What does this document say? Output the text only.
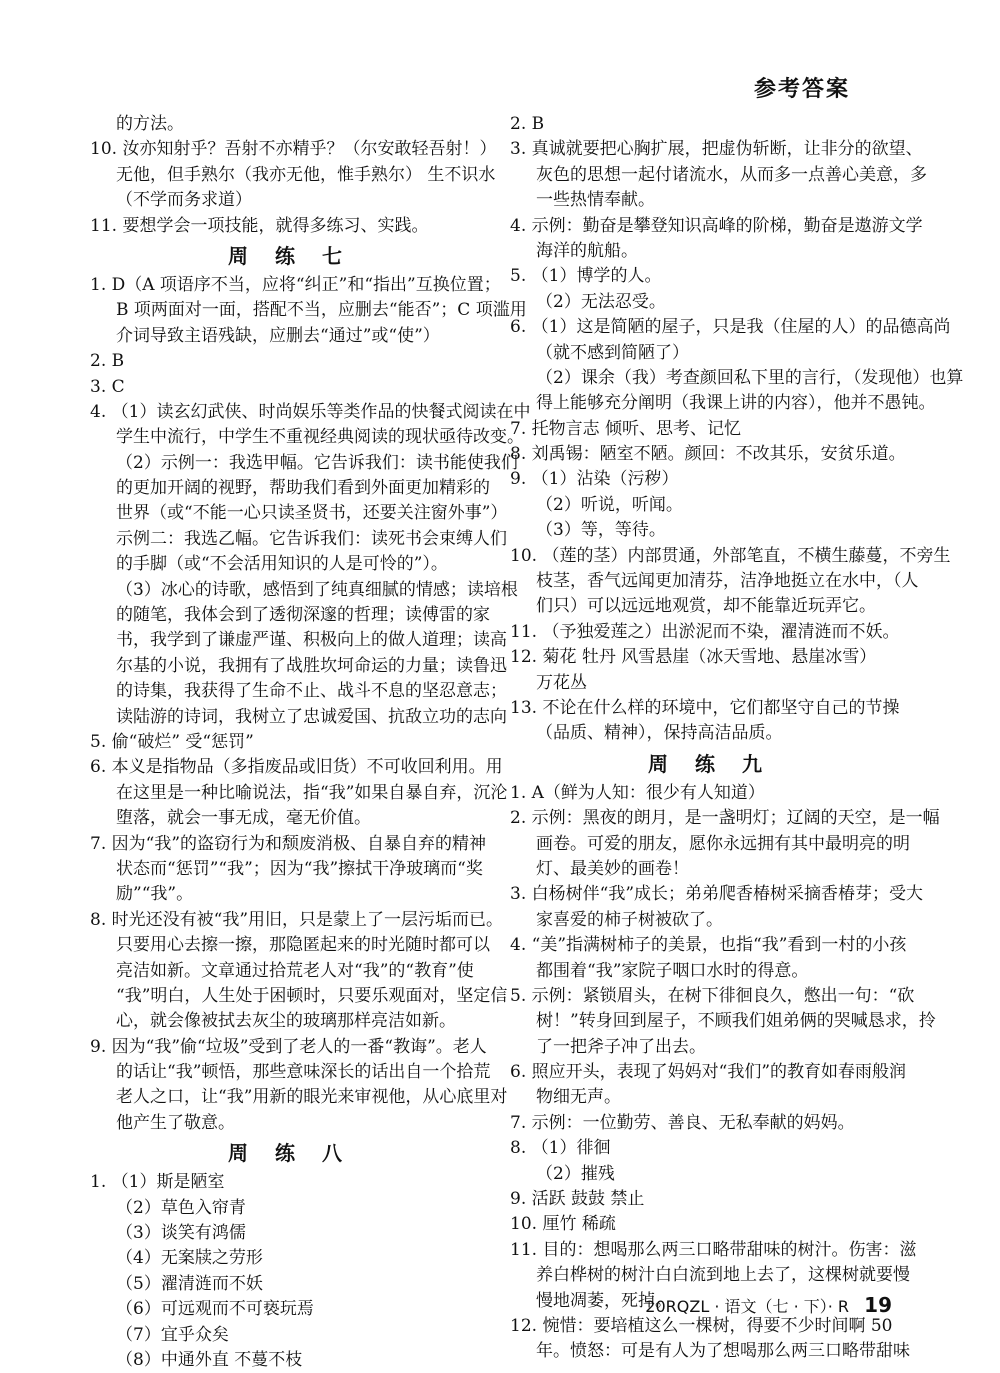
参考答案
的方法。
10. 汝亦知射乎？吾射不亦精乎？（尔安敢轻吾射！）
无他，但手熟尔（我亦无他，惟手熟尔） 生不识水
（不学而务求道）
11. 要想学会一项技能，就得多练习、实践。
周 练 七
1. D（A 项语序不当，应将“纠正”和“指出”互换位置；
B 项两面对一面，搭配不当，应删去“能否”；C 项滥用
介词导致主语残缺，应删去“通过”或“使”）
2. B
3. C
4. （1）读玄幻武侠、时尚娱乐等类作品的快餐式阅读在中
学生中流行，中学生不重视经典阅读的现状亟待改变。
（2）示例一：我选甲幅。它告诉我们：读书能使我们
的更加开阔的视野，帮助我们看到外面更加精彩的
世界（或“不能一心只读圣贤书，还要关注窗外事”）
示例二：我选乙幅。它告诉我们：读死书会束缚人们
的手脚（或“不会活用知识的人是可怜的”）。
（3）冰心的诗歌，感悟到了纯真细腻的情感；读培根
的随笔，我体会到了透彻深邃的哲理；读傅雷的家
书，我学到了谦虚严谨、积极向上的做人道理；读高
尔基的小说，我拥有了战胜坎坷命运的力量；读鲁迅
的诗集，我获得了生命不止、战斗不息的坚忍意志；
读陆游的诗词，我树立了忠诚爱国、抗敌立功的志向
5. 偷“破烂” 受“惩罚”
6. 本义是指物品（多指废品或旧货）不可收回利用。用
在这里是一种比喻说法，指“我”如果自暴自弃，沉沦
堕落，就会一事无成，毫无价值。
7. 因为“我”的盗窃行为和颓废消极、自暴自弃的精神
状态而“惩罚”“我”；因为“我”擦拭干净玻璃而“奖
励”“我”。
8. 时光还没有被“我”用旧，只是蒙上了一层污垢而已。
只要用心去擦一擦，那隐匿起来的时光随时都可以
亮洁如新。文章通过拾荒老人对“我”的“教育”使
“我”明白，人生处于困顿时，只要乐观面对，坚定信
心，就会像被拭去灰尘的玻璃那样亮洁如新。
9. 因为“我”偷“垃圾”受到了老人的一番“教诲”。老人
的话让“我”顿悟，那些意味深长的话出自一个拾荒
老人之口，让“我”用新的眼光来审视他，从心底里对
他产生了敬意。
周 练 八
1. （1）斯是陋室
（2）草色入帘青
（3）谈笑有鸿儒
（4）无案牍之劳形
（5）濯清涟而不妖
（6）可远观而不可亵玩焉
（7）宜乎众矣
（8）中通外直 不蔓不枝
2. B
3. 真诚就要把心胸扩展，把虚伪斩断，让非分的欲望、
灰色的思想一起付诸流水，从而多一点善心美意，多
一些热情奉献。
4. 示例：勤奋是攀登知识高峰的阶梯，勤奋是遨游文学
海洋的航船。
5. （1）博学的人。
（2）无法忍受。
6. （1）这是简陋的屋子，只是我（住屋的人）的品德高尚
（就不感到简陋了）
（2）课余（我）考查颜回私下里的言行，（发现他）也算
得上能够充分阐明（我课上讲的内容），他并不愚钝。
7. 托物言志 倾听、思考、记忆
8. 刘禹锡：陋室不陋。颜回：不改其乐，安贫乐道。
9. （1）沾染（污秽）
（2）听说，听闻。
（3）等，等待。
10. （莲的茎）内部贯通，外部笔直，不横生藤蔓，不旁生
枝茎，香气远闻更加清芬，洁净地挺立在水中，（人
们只）可以远远地观赏，却不能靠近玩弄它。
11. （予独爱莲之）出淤泥而不染，濯清涟而不妖。
12. 菊花 牡丹 风雪悬崖（冰天雪地、悬崖冰雪）
万花丛
13. 不论在什么样的环境中，它们都坚守自己的节操
（品质、精神），保持高洁品质。
周 练 九
1. A（鲜为人知：很少有人知道）
2. 示例：黑夜的朗月，是一盏明灯；辽阔的天空，是一幅
画卷。可爱的朋友，愿你永远拥有其中最明亮的明
灯、最美妙的画卷！
3. 白杨树伴“我”成长；弟弟爬香椿树采摘香椿芽；受大
家喜爱的柿子树被砍了。
4. “美”指满树柿子的美景，也指“我”看到一村的小孩
都围着“我”家院子咽口水时的得意。
5. 示例：紧锁眉头，在树下徘徊良久，憋出一句：“砍
树！”转身回到屋子，不顾我们姐弟俩的哭喊恳求，拎
了一把斧子冲了出去。
6. 照应开头，表现了妈妈对“我们”的教育如春雨般润
物细无声。
7. 示例：一位勤劳、善良、无私奉献的妈妈。
8. （1）徘徊
（2）摧残
9. 活跃 鼓鼓 禁止
10. 厘竹 稀疏
11. 目的：想喝那么两三口略带甜味的树汁。伤害：滋
养白桦树的树汁白白流到地上去了，这棵树就要慢
慢地凋萎，死掉。
12. 惋惜：要培植这么一棵树，得要不少时间啊 50
年。愤怒：可是有人为了想喝那么两三口略带甜味
20RQZL · 语文（七 · 下）· R 19
